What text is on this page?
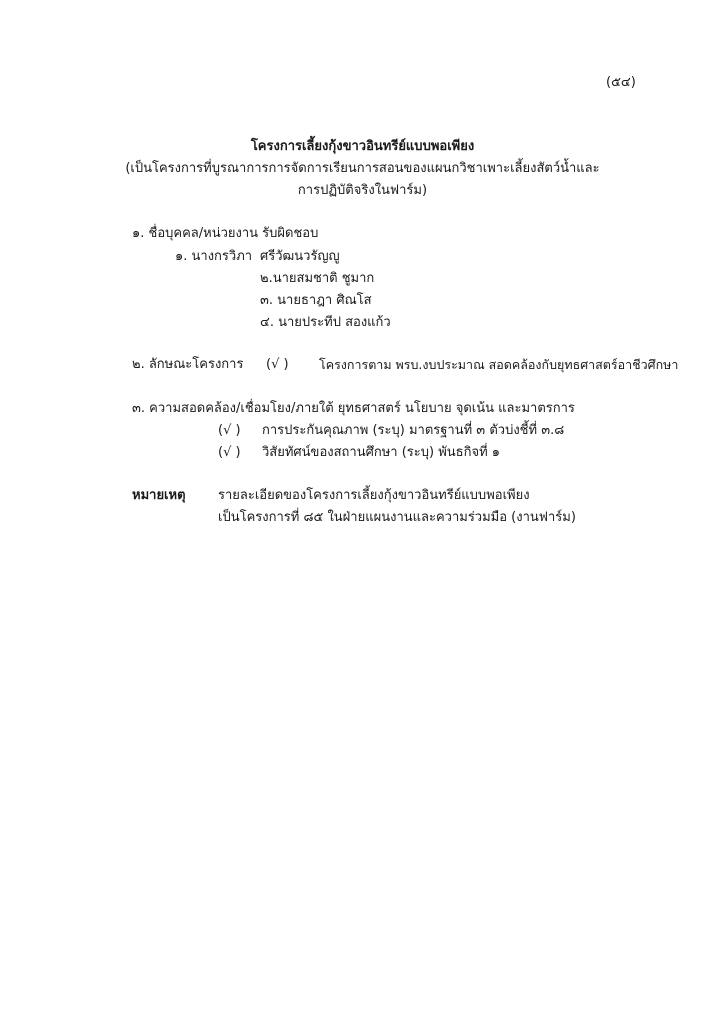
(๕๔)
โครงการเลี้ยงกุ้งขาวอินทรีย์แบบพอเพียง
(เป็นโครงการที่บูรณาการการจัดการเรียนการสอนของแผนกวิชาเพาะเลี้ยงสัตว์น้ำและ
การปฏิบัติจริงในฟาร์ม)
๑. ชื่อบุคคล/หน่วยงาน รับผิดชอบ
๑. นางกรวิภา ศรีวัฒนวรัญญู
๒.นายสมชาติ ชูมาก
๓. นายธาฎา ศิณโส
๔. นายประทีป สองแก้ว
๒. ลักษณะโครงการ (√ ) โครงการตาม พรบ.งบประมาณ สอดคล้องกับยุทธศาสตร์อาชีวศึกษา
๓. ความสอดคล้อง/เชื่อมโยง/ภายใต้ ยุทธศาสตร์ นโยบาย จุดเน้น และมาตรการ
(√ ) การประกันคุณภาพ (ระบุ) มาตรฐานที่ ๓ ตัวบ่งชี้ที่ ๓.๘
(√ ) วิสัยทัศน์ของสถานศึกษา (ระบุ) พันธกิจที่ ๑
หมายเหตุ รายละเอียดของโครงการเลี้ยงกุ้งขาวอินทรีย์แบบพอเพียง
เป็นโครงการที่ ๘๕ ในฝ่ายแผนงานและความร่วมมือ (งานฟาร์ม)
